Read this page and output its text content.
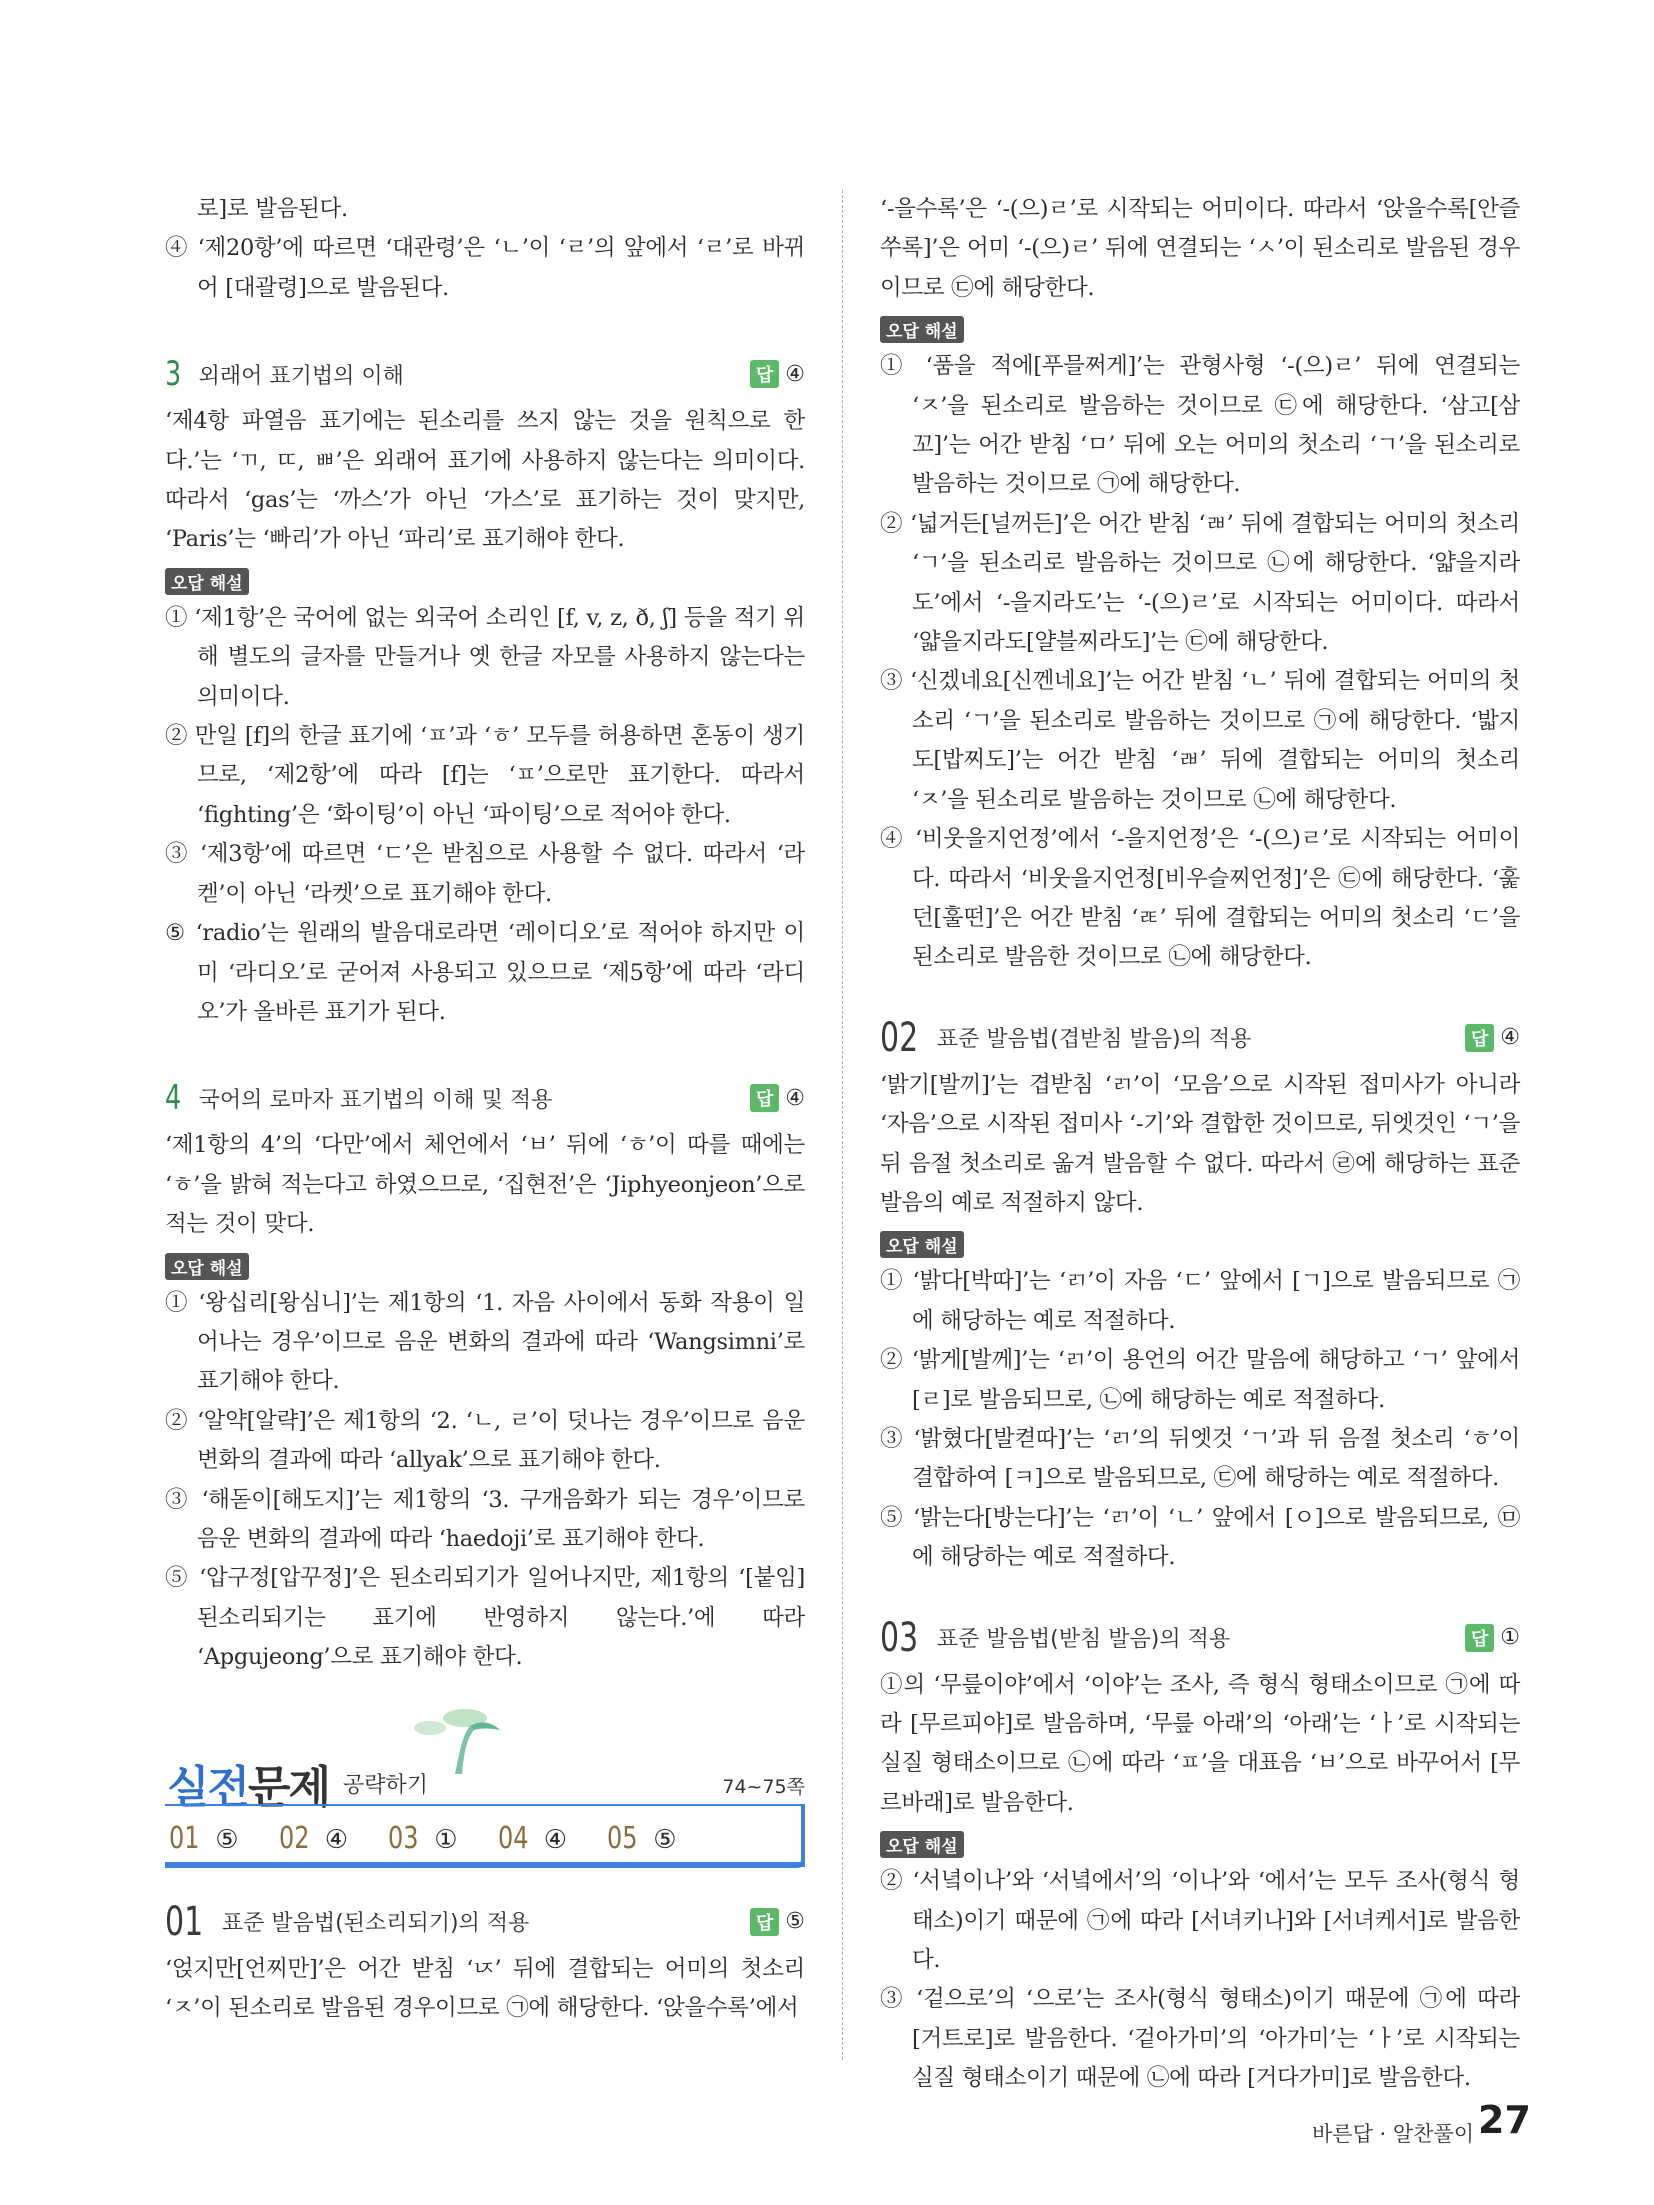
로]로 발음된다.

④ ‘제20항’에 따르면 ‘대관령’은 ‘ㄴ’이 ‘ㄹ’의 앞에서 ‘ㄹ’로 바뀌어 [대괄령]으로 발음된다.

3 외래어 표기법의 이해	답 ④

‘제4항 파열음 표기에는 된소리를 쓰지 않는 것을 원칙으로 한다.’는 ‘ㄲ, ㄸ, ㅃ’은 외래어 표기에 사용하지 않는다는 의미이다. 따라서 ‘gas’는 ‘까스’가 아닌 ‘가스’로 표기하는 것이 맞지만, ‘Paris’는 ‘빠리’가 아닌 ‘파리’로 표기해야 한다.

오답 해설

① ‘제1항’은 국어에 없는 외국어 소리인 [f, v, z, ð, ʃ] 등을 적기 위해 별도의 글자를 만들거나 옛 한글 자모를 사용하지 않는다는 의미이다.

② 만일 [f]의 한글 표기에 ‘ㅍ’과 ‘ㅎ’ 모두를 허용하면 혼동이 생기므로, ‘제2항’에 따라 [f]는 ‘ㅍ’으로만 표기한다. 따라서 ‘fighting’은 ‘화이팅’이 아닌 ‘파이팅’으로 적어야 한다.

③ ‘제3항’에 따르면 ‘ㄷ’은 받침으로 사용할 수 없다. 따라서 ‘라켇’이 아닌 ‘라켓’으로 표기해야 한다.

⑤ ‘radio’는 원래의 발음대로라면 ‘레이디오’로 적어야 하지만 이미 ‘라디오’로 굳어져 사용되고 있으므로 ‘제5항’에 따라 ‘라디오’가 올바른 표기가 된다.

4 국어의 로마자 표기법의 이해 및 적용	답 ④

‘제1항의 4’의 ‘다만’에서 체언에서 ‘ㅂ’ 뒤에 ‘ㅎ’이 따를 때에는 ‘ㅎ’을 밝혀 적는다고 하였으므로, ‘집현전’은 ‘Jiphyeonjeon’으로 적는 것이 맞다.

오답 해설

① ‘왕십리[왕심니]’는 제1항의 ‘1. 자음 사이에서 동화 작용이 일어나는 경우’이므로 음운 변화의 결과에 따라 ‘Wangsimni’로 표기해야 한다.

② ‘알약[알략]’은 제1항의 ‘2. ‘ㄴ, ㄹ’이 덧나는 경우’이므로 음운 변화의 결과에 따라 ‘allyak’으로 표기해야 한다.

③ ‘해돋이[해도지]’는 제1항의 ‘3. 구개음화가 되는 경우’이므로 음운 변화의 결과에 따라 ‘haedoji’로 표기해야 한다.

⑤ ‘압구정[압꾸정]’은 된소리되기가 일어나지만, 제1항의 ‘[붙임] 된소리되기는 표기에 반영하지 않는다.’에 따라 ‘Apgujeong’으로 표기해야 한다.

실전문제 공략하기	74~75쪽
01 ⑤ 02 ④ 03 ① 04 ④ 05 ⑤
01 표준 발음법(된소리되기)의 적용	답 ⑤

‘얹지만[언찌만]’은 어간 받침 ‘ㄵ’ 뒤에 결합되는 어미의 첫소리 ‘ㅈ’이 된소리로 발음된 경우이므로 ㉠에 해당한다. ‘앉을수록’에서

‘-을수록’은 ‘-(으)ㄹ’로 시작되는 어미이다. 따라서 ‘앉을수록[안즐쑤록]’은 어미 ‘-(으)ㄹ’ 뒤에 연결되는 ‘ㅅ’이 된소리로 발음된 경우이므로 ㉢에 해당한다.

오답 해설

① ‘품을 적에[푸믈쩌게]’는 관형사형 ‘-(으)ㄹ’ 뒤에 연결되는 ‘ㅈ’을 된소리로 발음하는 것이므로 ㉢에 해당한다. ‘삼고[삼꼬]’는 어간 받침 ‘ㅁ’ 뒤에 오는 어미의 첫소리 ‘ㄱ’을 된소리로 발음하는 것이므로 ㉠에 해당한다.

② ‘넓거든[널꺼든]’은 어간 받침 ‘ㄼ’ 뒤에 결합되는 어미의 첫소리 ‘ㄱ’을 된소리로 발음하는 것이므로 ㉡에 해당한다. ‘얇을지라도’에서 ‘-을지라도’는 ‘-(으)ㄹ’로 시작되는 어미이다. 따라서 ‘얇을지라도[얄블찌라도]’는 ㉢에 해당한다.

③ ‘신겠네요[신껜네요]’는 어간 받침 ‘ㄴ’ 뒤에 결합되는 어미의 첫소리 ‘ㄱ’을 된소리로 발음하는 것이므로 ㉠에 해당한다. ‘밟지도[밥찌도]’는 어간 받침 ‘ㄼ’ 뒤에 결합되는 어미의 첫소리 ‘ㅈ’을 된소리로 발음하는 것이므로 ㉡에 해당한다.

④ ‘비웃을지언정’에서 ‘-을지언정’은 ‘-(으)ㄹ’로 시작되는 어미이다. 따라서 ‘비웃을지언정[비우슬찌언정]’은 ㉢에 해당한다. ‘훑던[훌떤]’은 어간 받침 ‘ㄾ’ 뒤에 결합되는 어미의 첫소리 ‘ㄷ’을 된소리로 발음한 것이므로 ㉡에 해당한다.

02 표준 발음법(겹받침 발음)의 적용	답 ④

‘밝기[발끼]’는 겹받침 ‘ㄺ’이 ‘모음’으로 시작된 접미사가 아니라 ‘자음’으로 시작된 접미사 ‘-기’와 결합한 것이므로, 뒤엣것인 ‘ㄱ’을 뒤 음절 첫소리로 옮겨 발음할 수 없다. 따라서 ㉣에 해당하는 표준 발음의 예로 적절하지 않다.

오답 해설

① ‘밝다[박따]’는 ‘ㄺ’이 자음 ‘ㄷ’ 앞에서 [ㄱ]으로 발음되므로 ㉠에 해당하는 예로 적절하다.

② ‘밝게[발께]’는 ‘ㄺ’이 용언의 어간 말음에 해당하고 ‘ㄱ’ 앞에서 [ㄹ]로 발음되므로, ㉡에 해당하는 예로 적절하다.

③ ‘밝혔다[발켣따]’는 ‘ㄺ’의 뒤엣것 ‘ㄱ’과 뒤 음절 첫소리 ‘ㅎ’이 결합하여 [ㅋ]으로 발음되므로, ㉢에 해당하는 예로 적절하다.

⑤ ‘밝는다[방는다]’는 ‘ㄺ’이 ‘ㄴ’ 앞에서 [ㅇ]으로 발음되므로, ㉤에 해당하는 예로 적절하다.

03 표준 발음법(받침 발음)의 적용	답 ①

①의 ‘무릎이야’에서 ‘이야’는 조사, 즉 형식 형태소이므로 ㉠에 따라 [무르피야]로 발음하며, ‘무릎 아래’의 ‘아래’는 ‘ㅏ’로 시작되는 실질 형태소이므로 ㉡에 따라 ‘ㅍ’을 대표음 ‘ㅂ’으로 바꾸어서 [무르바래]로 발음한다.

오답 해설

② ‘서녘이나’와 ‘서녘에서’의 ‘이나’와 ‘에서’는 모두 조사(형식 형태소)이기 때문에 ㉠에 따라 [서녀키나]와 [서녀케서]로 발음한다.

③ ‘겉으로’의 ‘으로’는 조사(형식 형태소)이기 때문에 ㉠에 따라 [거트로]로 발음한다. ‘겉아가미’의 ‘아가미’는 ‘ㅏ’로 시작되는 실질 형태소이기 때문에 ㉡에 따라 [거다가미]로 발음한다.

바른답 · 알찬풀이 27
